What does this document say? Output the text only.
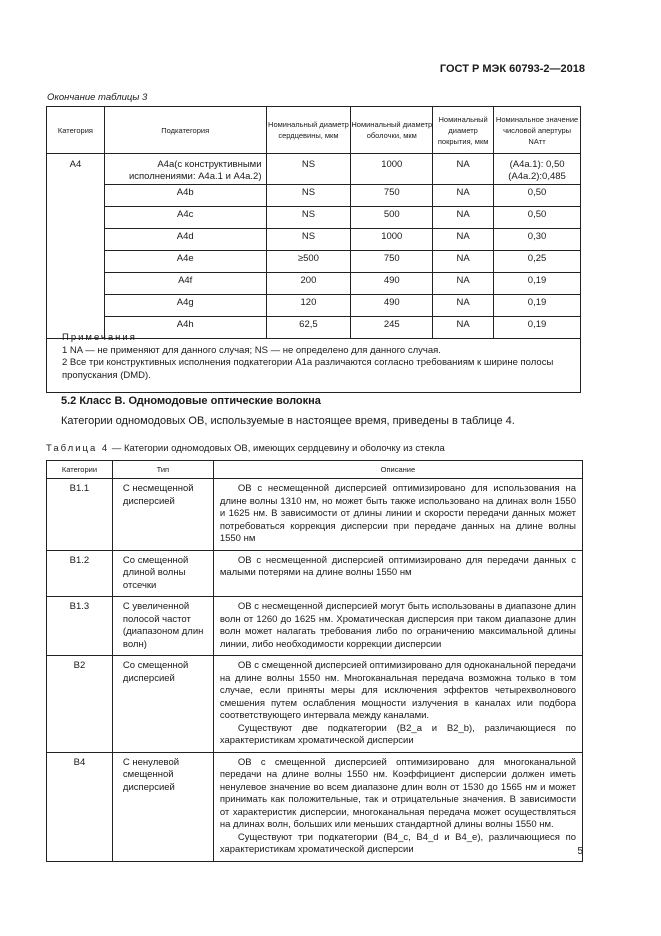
ГОСТ Р МЭК 60793-2—2018
Окончание таблицы 3
Категория	Подкатегория	Номинальный диаметр сердцевины, мкм	Номинальный диаметр оболочки, мкм	Номинальный диаметр покрытия, мкм	Номинальное значение числовой апертуры NAтт
A4	A4a(с конструктивными исполнениями: A4a.1 и A4a.2)	NS	1000	NA	(A4a.1): 0,50
(A4a.2):0,485
	A4b	NS	750	NA	0,50
	A4c	NS	500	NA	0,50
	A4d	NS	1000	NA	0,30
	A4e	≥500	750	NA	0,25
	A4f	200	490	NA	0,19
	A4g	120	490	NA	0,19
	A4h	62,5	245	NA	0,19

Примечания
1 NA — не применяют для данного случая; NS — не определено для данного случая.
2 Все три конструктивных исполнения подкатегории A1a различаются согласно требованиям к ширине полосы пропускания (DMD).
5.2 Класс B. Одномодовые оптические волокна
Категории одномодовых ОВ, используемые в настоящее время, приведены в таблице 4.
Таблица 4 — Категории одномодовых ОВ, имеющих сердцевину и оболочку из стекла
Категории	Тип	Описание
B1.1	С несмещенной дисперсией	ОВ с несмещенной дисперсией оптимизировано для использования на длине волны 1310 нм, но может быть также использовано на длинах волн 1550 и 1625 нм. В зависимости от длины линии и скорости передачи данных может потребоваться коррекция дисперсии при передаче данных на длине волны 1550 нм

B1.2	Со смещенной длиной волны отсечки	ОВ с несмещенной дисперсией оптимизировано для передачи данных с малыми потерями на длине волны 1550 нм

B1.3	С увеличенной полосой частот (диапазоном длин волн)	ОВ с несмещенной дисперсией могут быть использованы в диапазоне длин волн от 1260 до 1625 нм. Хроматическая дисперсия при таком диапазоне длин волн может налагать требования либо по ограничению максимальной длины линии, либо необходимости коррекции дисперсии

B2	Со смещенной дисперсией	ОВ с смещенной дисперсией оптимизировано для одноканальной передачи на длине волны 1550 нм. Многоканальная передача возможна только в том случае, если приняты меры для исключения эффектов четырехволнового смешения путем ослабления мощности излучения в каналах или подбора соответствующего интервала между каналами.

Существуют две подкатегории (B2_a и B2_b), различающиеся по характеристикам хроматической дисперсии

B4	С ненулевой смещенной дисперсией	ОВ с смещенной дисперсией оптимизировано для многоканальной передачи на длине волны 1550 нм. Коэффициент дисперсии должен иметь ненулевое значение во всем диапазоне длин волн от 1530 до 1565 нм и может принимать как положительные, так и отрицательные значения. В зависимости от характеристик дисперсии, многоканальная передача может осуществляться на длинах волн, больших или меньших стандартной длины волны 1550 нм.

Существуют три подкатегории (B4_c, B4_d и B4_e), различающиеся по характеристикам хроматической дисперсии	5
